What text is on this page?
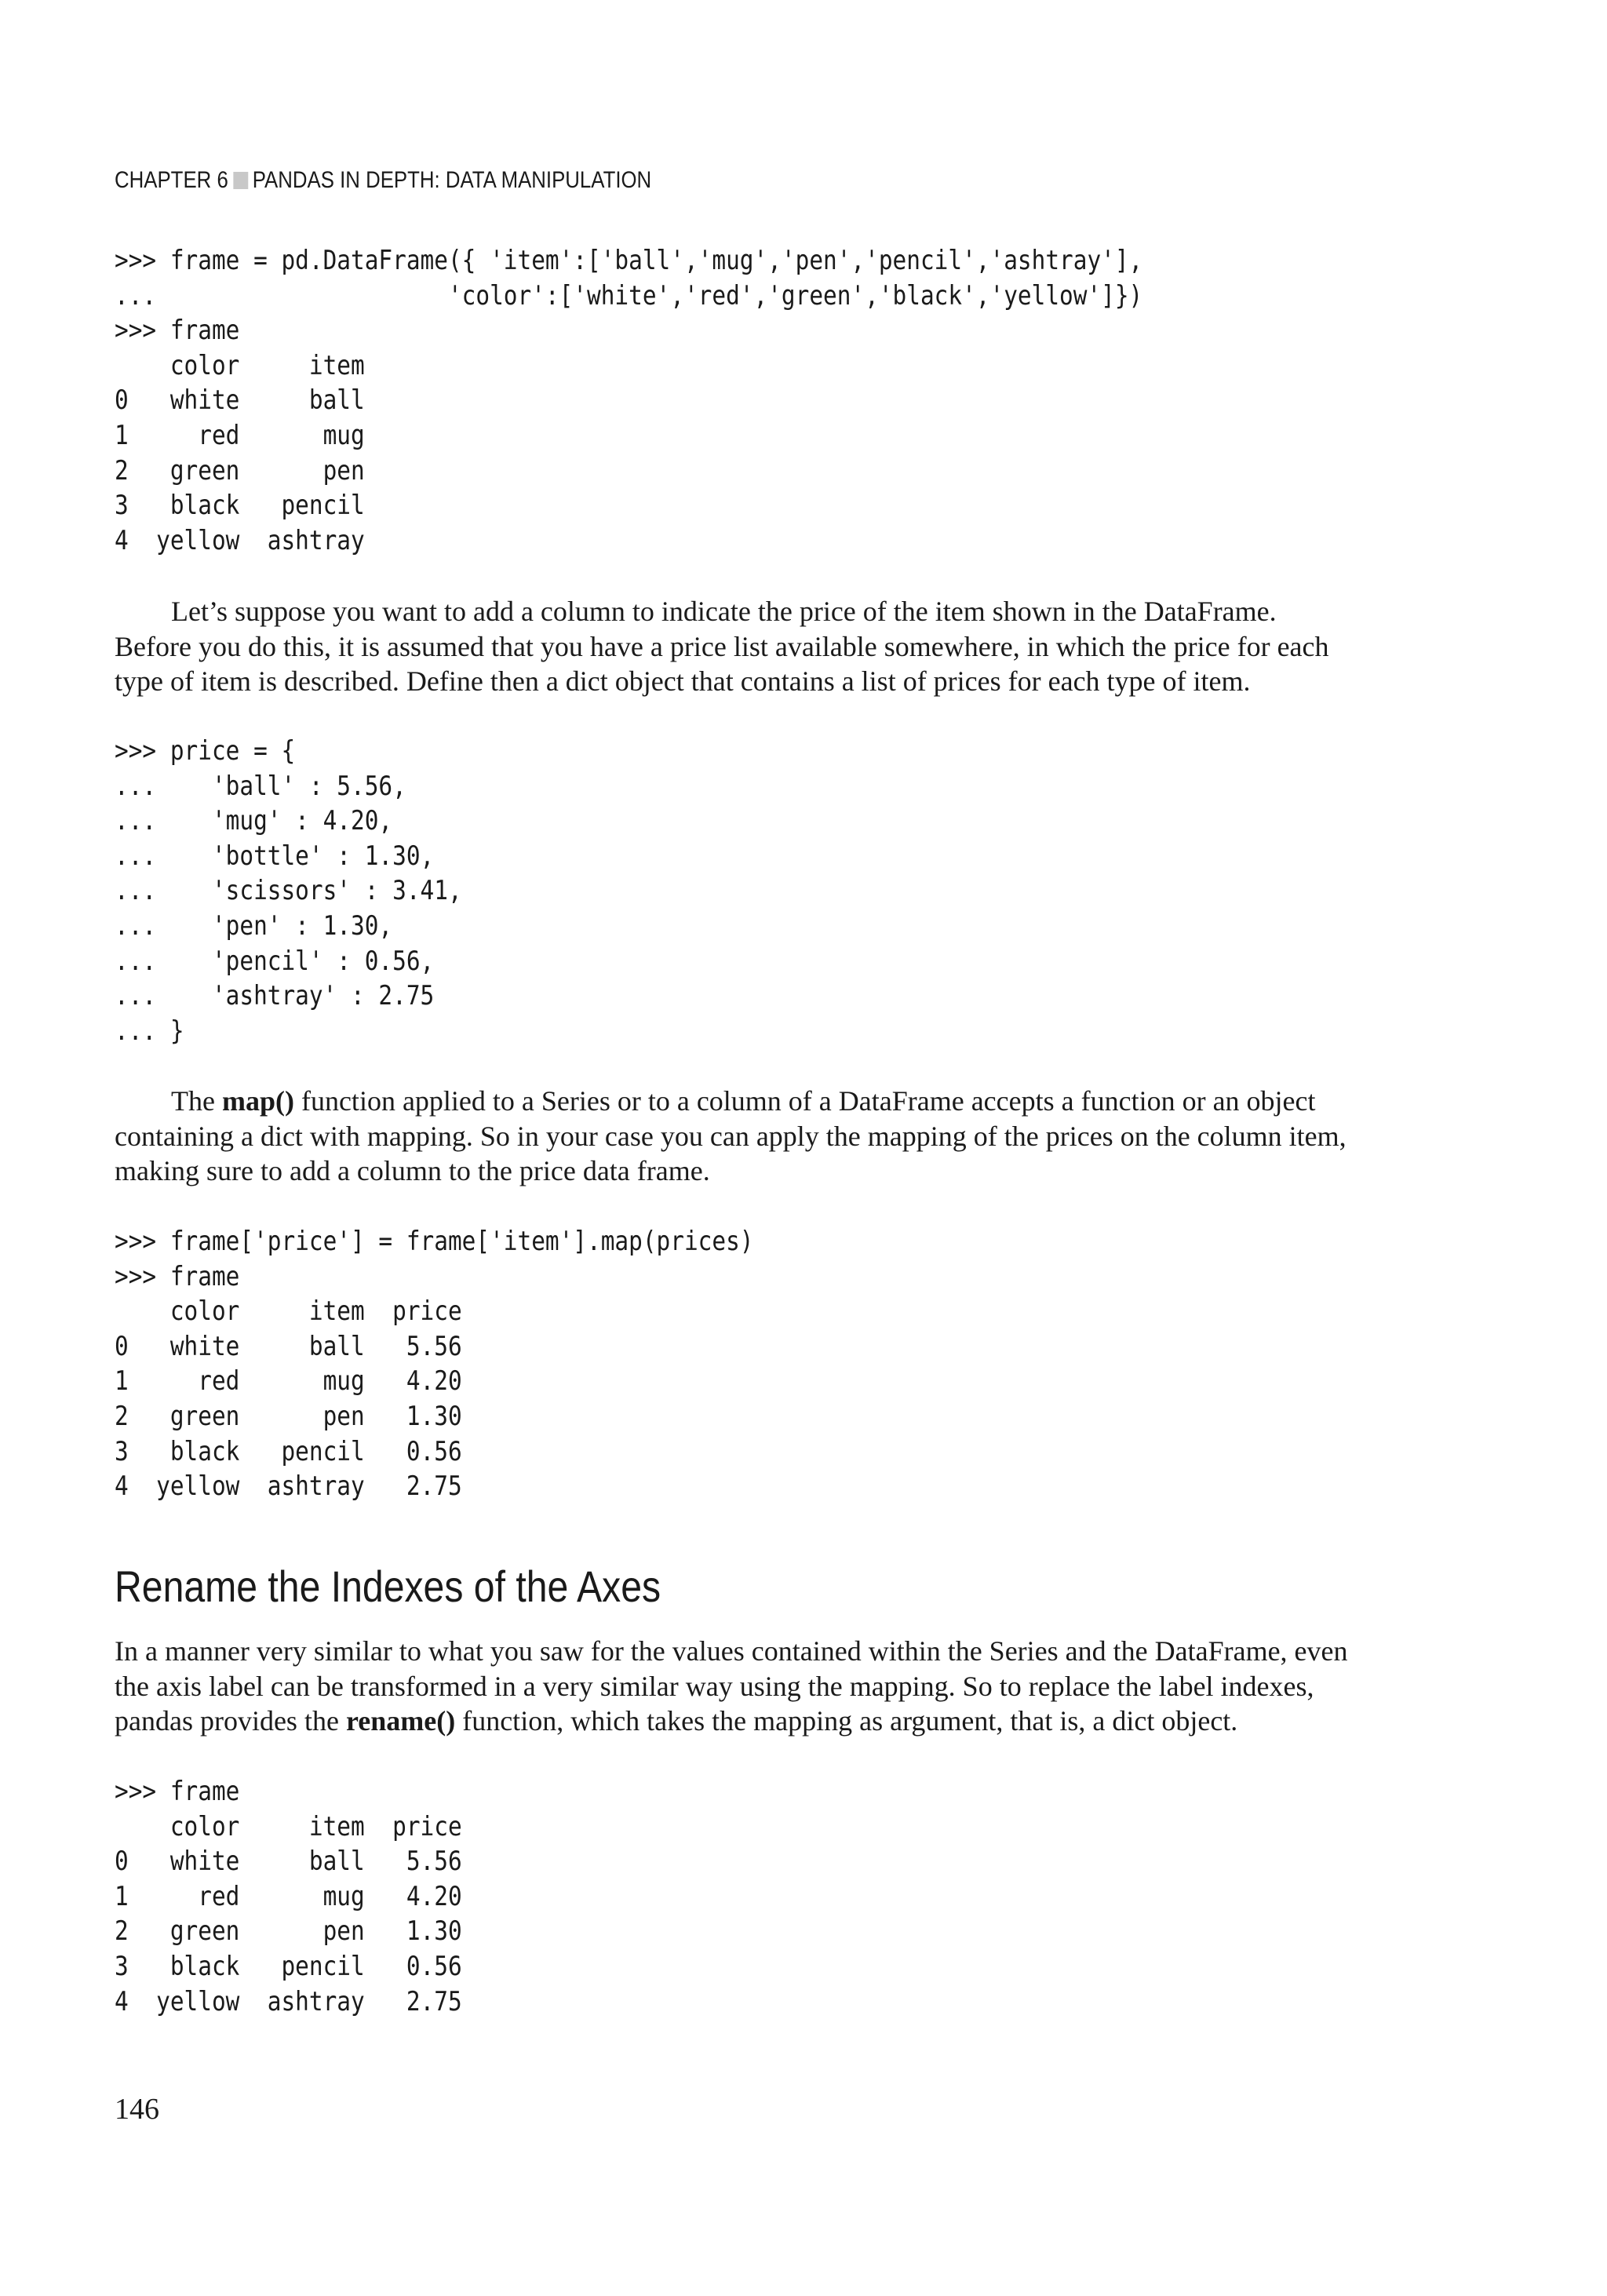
CHAPTER 6 PANDAS IN DEPTH: DATA MANIPULATION
>>> frame = pd.DataFrame({ 'item':['ball','mug','pen','pencil','ashtray'],
...                     'color':['white','red','green','black','yellow']})
>>> frame
color     item
0   white     ball
1     red      mug
2   green      pen
3   black   pencil
4  yellow  ashtray

Let’s suppose you want to add a column to indicate the price of the item shown in the DataFrame.
Before you do this, it is assumed that you have a price list available somewhere, in which the price for each
type of item is described. Define then a dict object that contains a list of prices for each type of item.

>>> price = {
...    'ball' : 5.56,
...    'mug' : 4.20,
...    'bottle' : 1.30,
...    'scissors' : 3.41,
...    'pen' : 1.30,
...    'pencil' : 0.56,
...    'ashtray' : 2.75
... }

The map() function applied to a Series or to a column of a DataFrame accepts a function or an object
containing a dict with mapping. So in your case you can apply the mapping of the prices on the column item,
making sure to add a column to the price data frame.

>>> frame['price'] = frame['item'].map(prices)
>>> frame
color     item  price
0   white     ball   5.56
1     red      mug   4.20
2   green      pen   1.30
3   black   pencil   0.56
4  yellow  ashtray   2.75
Rename the Indexes of the Axes

In a manner very similar to what you saw for the values contained within the Series and the DataFrame, even
the axis label can be transformed in a very similar way using the mapping. So to replace the label indexes,
pandas provides the rename() function, which takes the mapping as argument, that is, a dict object.

>>> frame
color     item  price
0   white     ball   5.56
1     red      mug   4.20
2   green      pen   1.30
3   black   pencil   0.56
4  yellow  ashtray   2.75
146
